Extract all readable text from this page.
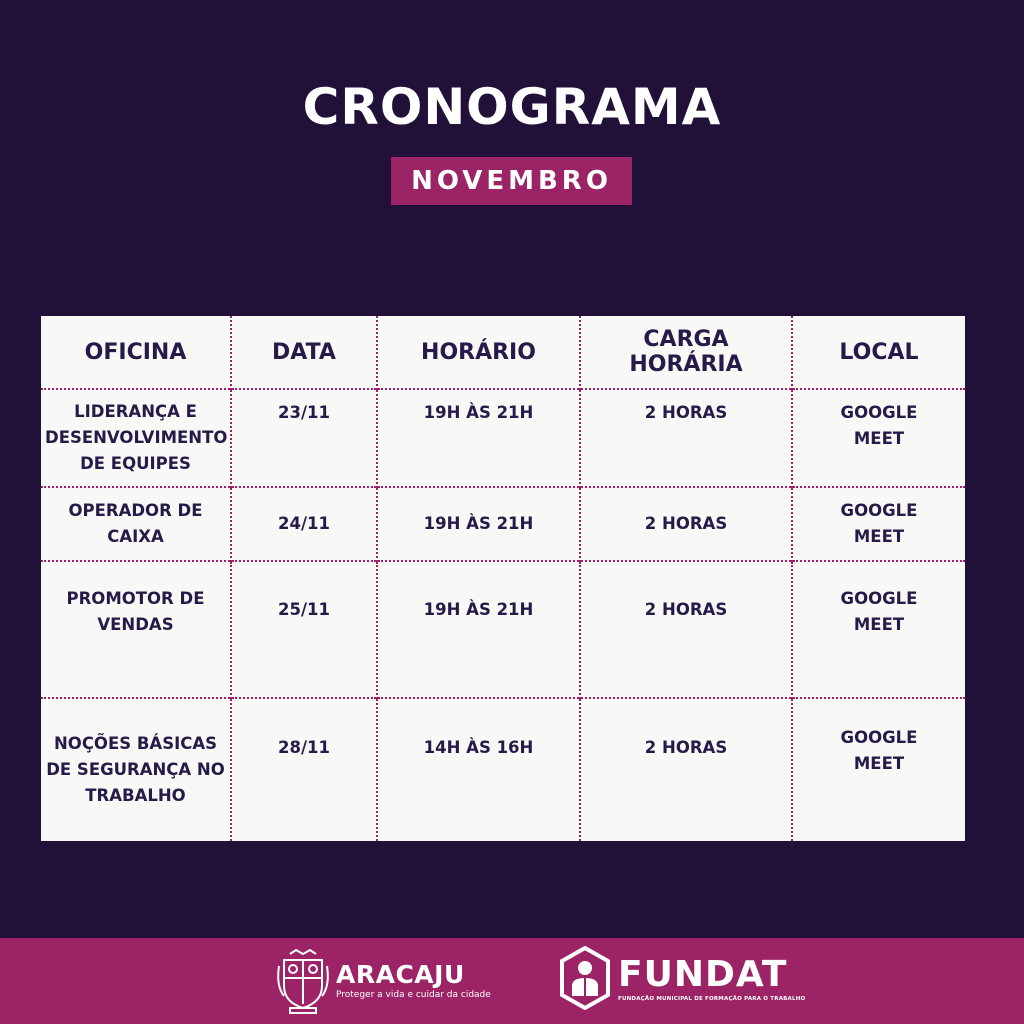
CRONOGRAMA
NOVEMBRO
OFICINA	DATA	HORÁRIO	CARGA HORÁRIA	LOCAL
LIDERANÇA E DESENVOLVIMENTO DE EQUIPES	23/11	19H ÀS 21H	2 HORAS	GOOGLE MEET
OPERADOR DE CAIXA	24/11	19H ÀS 21H	2 HORAS	GOOGLE MEET
PROMOTOR DE VENDAS	25/11	19H ÀS 21H	2 HORAS	GOOGLE MEET
NOÇÕES BÁSICAS DE SEGURANÇA NO TRABALHO	28/11	14H ÀS 16H	2 HORAS	GOOGLE MEET
ARACAJU
Proteger a vida e cuidar da cidade	FUNDAT
FUNDAÇÃO MUNICIPAL DE FORMAÇÃO PARA O TRABALHO
